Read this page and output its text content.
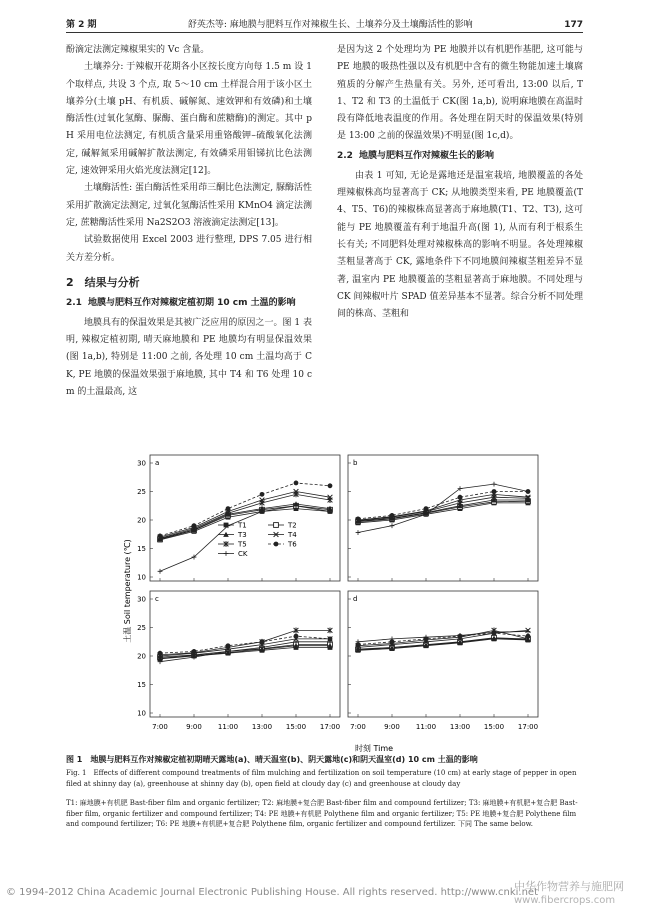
第 2 期	舒英杰等: 麻地膜与肥料互作对辣椒生长、土壤养分及土壤酶活性的影响	177

酚滴定法测定辣椒果实的 Vc 含量。

土壤养分: 于辣椒开花期各小区按长度方向每 1.5 m 设 1 个取样点, 共设 3 个点, 取 5～10 cm 土样混合用于该小区土壤养分(土壤 pH、有机质、碱解氮、速效钾和有效磷)和土壤酶活性(过氧化氢酶、脲酶、蛋白酶和蔗糖酶)的测定。其中 pH 采用电位法测定, 有机质含量采用重铬酸钾–硫酸氧化法测定, 碱解氮采用碱解扩散法测定, 有效磷采用钼锑抗比色法测定, 速效钾采用火焰光度法测定[12]。

土壤酶活性: 蛋白酶活性采用茚三酮比色法测定, 脲酶活性采用扩散滴定法测定, 过氧化氢酶活性采用 KMnO4 滴定法测定, 蔗糖酶活性采用 Na2S2O3 溶液滴定法测定[13]。

试验数据使用 Excel 2003 进行整理, DPS 7.05 进行相关方差分析。

2　结果与分析
2.1 地膜与肥料互作对辣椒定植初期 10 cm 土温的影响

地膜具有的保温效果是其被广泛应用的原因之一。图 1 表明, 辣椒定植初期, 晴天麻地膜和 PE 地膜均有明显保温效果(图 1a,b), 特别是 11:00 之前, 各处理 10 cm 土温均高于 CK, PE 地膜的保温效果强于麻地膜, 其中 T4 和 T6 处理 10 cm 的土温最高, 这

是因为这 2 个处理均为 PE 地膜并以有机肥作基肥, 这可能与 PE 地膜的吸热性强以及有机肥中含有的微生物能加速土壤腐殖质的分解产生热量有关。另外, 还可看出, 13:00 以后, T1、T2 和 T3 的土温低于 CK(图 1a,b), 说明麻地膜在高温时段有降低地表温度的作用。各处理在阴天时的保温效果(特别是 13:00 之前的保温效果)不明显(图 1c,d)。

2.2 地膜与肥料互作对辣椒生长的影响

由表 1 可知, 无论是露地还是温室栽培, 地膜覆盖的各处理辣椒株高均显著高于 CK; 从地膜类型来看, PE 地膜覆盖(T4、T5、T6)的辣椒株高显著高于麻地膜(T1、T2、T3), 这可能与 PE 地膜覆盖有利于地温升高(图 1), 从而有利于根系生长有关; 不同肥料处理对辣椒株高的影响不明显。各处理辣椒茎粗显著高于 CK, 露地条件下不同地膜间辣椒茎粗差异不显著, 温室内 PE 地膜覆盖的茎粗显著高于麻地膜。不同处理与 CK 间辣椒叶片 SPAD 值差异基本不显著。综合分析不同处理间的株高、茎粗和

土温 Soil temperature (℃)
时刻 Time
a
10
15
20
25
30
T1	T2
T3	T4
T5	T6
CK
b
c
10
15
20
25
30
7:00	9:00 11:00 13:00 15:00 17:00
d
7:00	9:00 11:00 13:00 15:00 17:00
图 1　地膜与肥料互作对辣椒定植初期晴天露地(a)、晴天温室(b)、阴天露地(c)和阴天温室(d) 10 cm 土温的影响
Fig. 1　Effects of different compound treatments of film mulching and fertilization on soil temperature (10 cm) at early stage of pepper in open filed at shinny day (a), greenhouse at shinny day (b), open field at cloudy day (c) and greenhouse at cloudy day
T1: 麻地膜+有机肥 Bast-fiber film and organic fertilizer; T2: 麻地膜+复合肥 Bast-fiber film and compound fertilizer; T3: 麻地膜+有机肥+复合肥 Bast-fiber film, organic fertilizer and compound fertilizer; T4: PE 地膜+有机肥 Polythene film and organic fertilizer; T5: PE 地膜+复合肥 Polythene film and compound fertilizer; T6: PE 地膜+有机肥+复合肥 Polythene film, organic fertilizer and compound fertilizer. 下同 The same below.
© 1994-2012 China Academic Journal Electronic Publishing House. All rights reserved. http://www.cnki.net
中华作物营养与施肥网
www.fibercrops.com
